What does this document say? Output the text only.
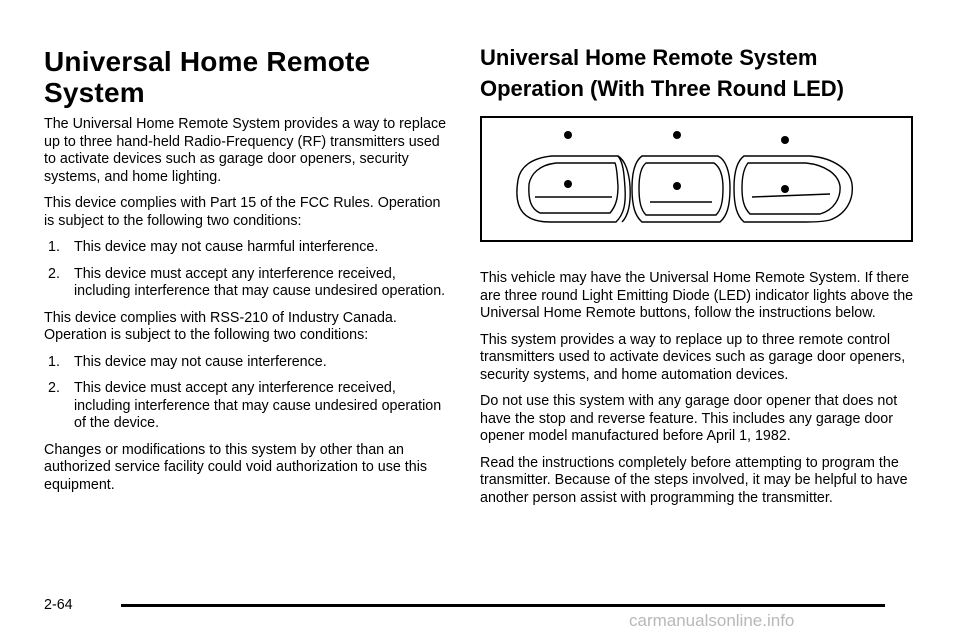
Universal Home Remote System

The Universal Home Remote System provides a way to replace up to three hand-held Radio-Frequency (RF) transmitters used to activate devices such as garage door openers, security systems, and home lighting.

This device complies with Part 15 of the FCC Rules. Operation is subject to the following two conditions:

1. This device may not cause harmful interference.
2. This device must accept any interference received, including interference that may cause undesired operation.

This device complies with RSS-210 of Industry Canada. Operation is subject to the following two conditions:

1. This device may not cause interference.
2. This device must accept any interference received, including interference that may cause undesired operation of the device.

Changes or modifications to this system by other than an authorized service facility could void authorization to use this equipment.

Universal Home Remote System Operation (With Three Round LED)

This vehicle may have the Universal Home Remote System. If there are three round Light Emitting Diode (LED) indicator lights above the Universal Home Remote buttons, follow the instructions below.

This system provides a way to replace up to three remote control transmitters used to activate devices such as garage door openers, security systems, and home automation devices.

Do not use this system with any garage door opener that does not have the stop and reverse feature. This includes any garage door opener model manufactured before April 1, 1982.

Read the instructions completely before attempting to program the transmitter. Because of the steps involved, it may be helpful to have another person assist with programming the transmitter.

2-64
carmanualsonline.info
